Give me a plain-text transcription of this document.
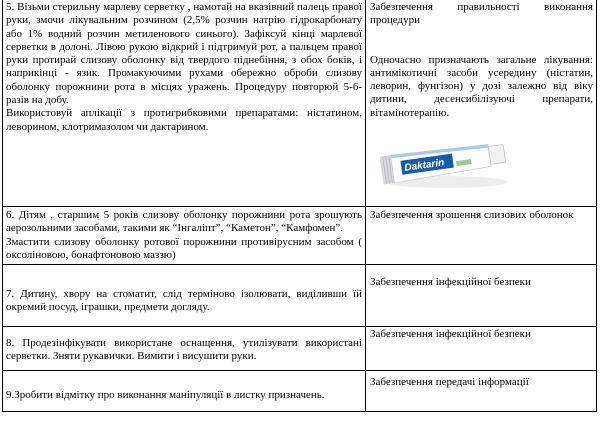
5. Візьми стерильну марлеву серветку , намотай на вказівний палець правої руки, змочи лікувальним розчином (2,5% розчин натрію гідрокарбонату або 1% водний розчин метиленового синього). Зафіксуй кінці марлевої серветки в долоні. Лівою рукою відкрий і підтримуй рот, а пальцем правої руки протирай слизову оболонку від твердого піднебіння, з обох боків, і наприкінці - язик. Промакуючими рухами обережно оброби слизову оболонку порожнини рота в місцях уражень. Процедуру повторюй 5-6-разів на добу.

Використовуй аплікації з протигрибковими препаратами: ністатином, леворином, клотримазолом чи дактарином.

Забезпечення правильності виконання процедури

Одночасно призначають загальне лікування: антимікотичні засоби усередину (ністатин, леворин, фунгізон) у дозі залежно від віку дитини, десенсибілізуючі препарати, вітамінотерапію.

Daktarin

6. Дітям , старшим 5 років слизову оболонку порожнини рота зрошують аерозольними засобами, такими як “Інгаліпт”, “Каметон”, “Камфомен”.

Змастити слизову оболонку ротової порожнини противірусним засобом ( оксоліновою, бонафтоновою маззю)

Забезпечення зрошення слизових оболонок

7. Дитину, хвору на стоматит, слід терміново ізолювати, виділивши їй окремий посуд, іграшки, предмети догляду.

Забезпечення інфекційної безпеки

8. Продезінфікувати використане оснащення, утилізувати використані серветки. Зняти рукавички. Вимити і висушити руки.

Забезпечення інфекційної безпеки

9.Зробити відмітку про виконання маніпуляції в листку призначень.

Забезпечення передачі інформації
